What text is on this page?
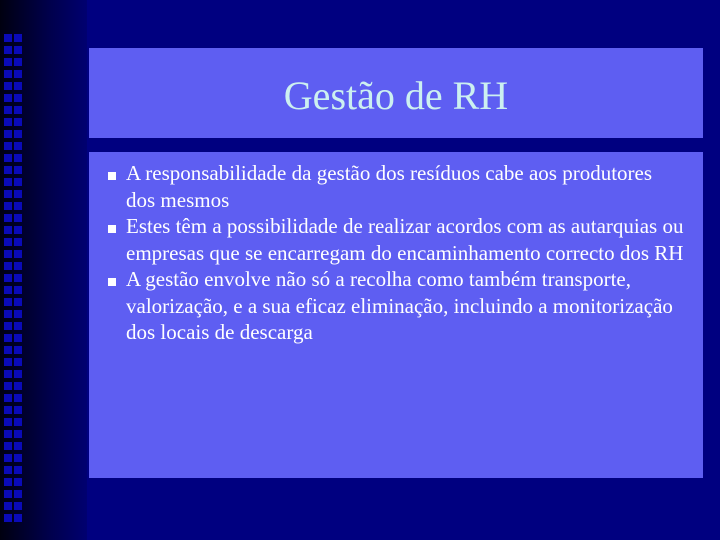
Gestão de RH
A responsabilidade da gestão dos resíduos cabe aos produtores dos mesmos
Estes têm a possibilidade de realizar acordos com as autarquias ou empresas que se encarregam do encaminhamento correcto dos RH
A gestão envolve não só a recolha como também transporte, valorização, e a sua eficaz eliminação, incluindo a monitorização dos locais de descarga
